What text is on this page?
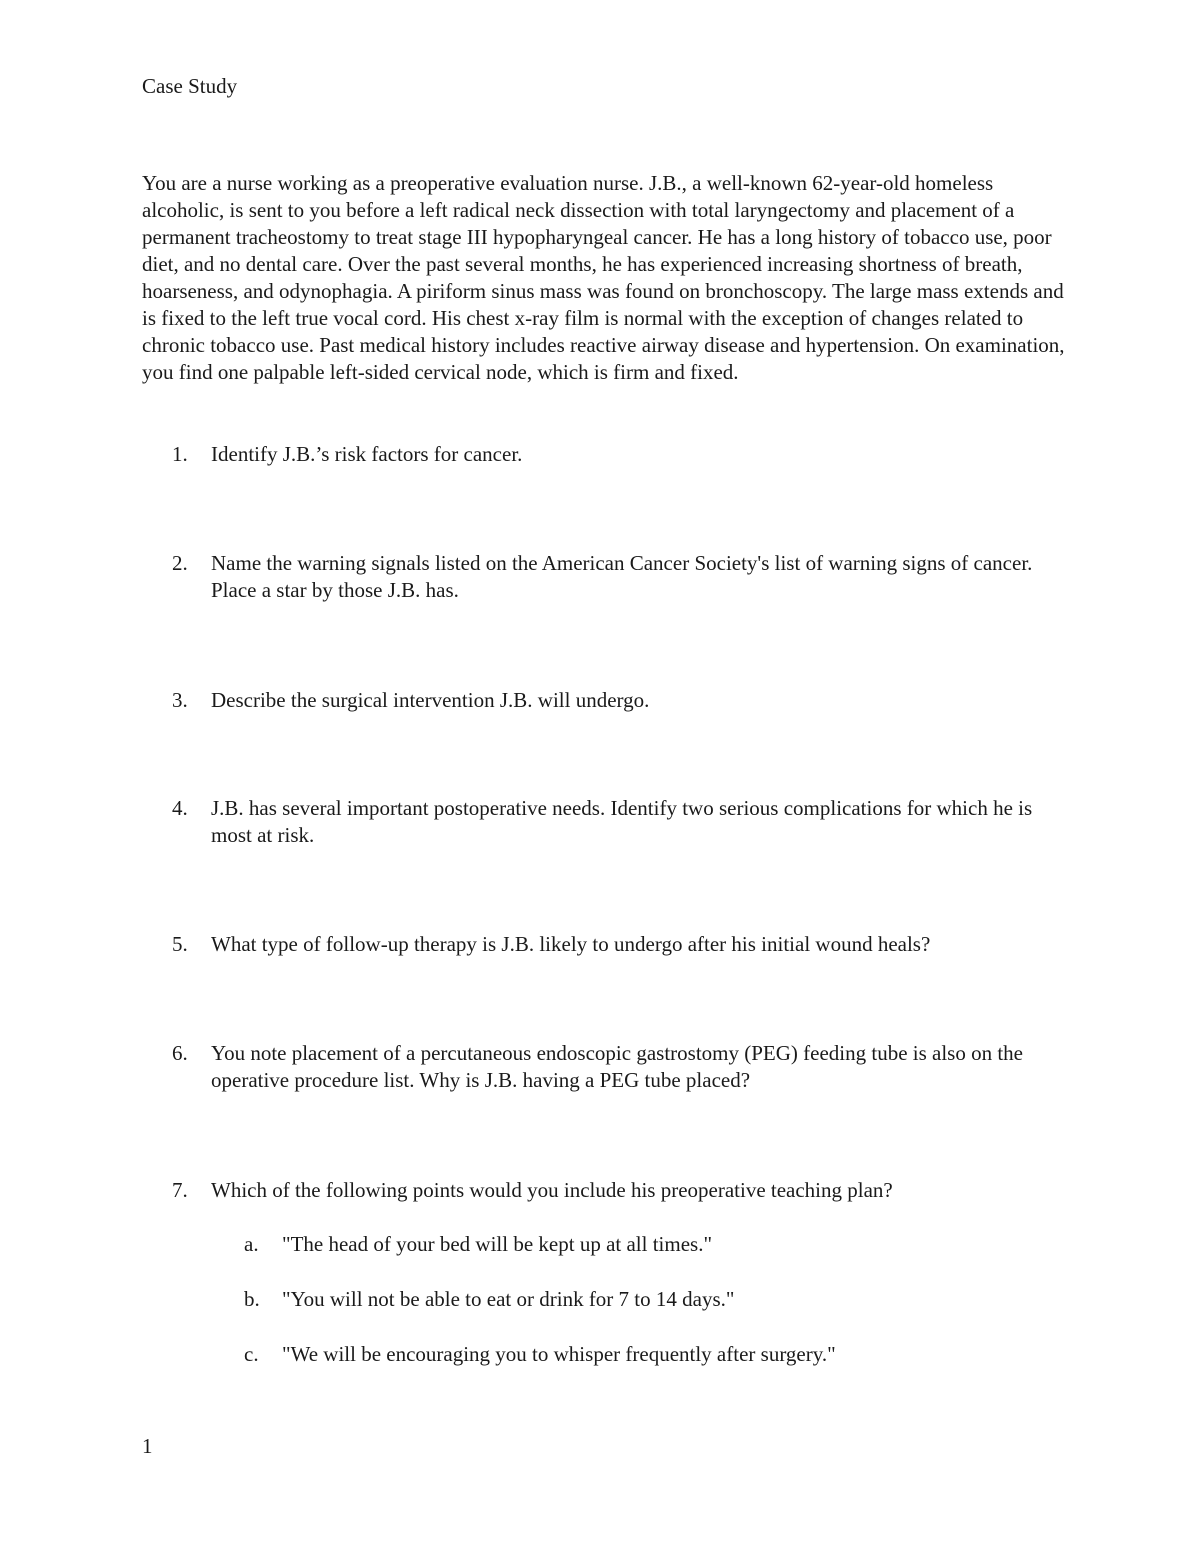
Case Study

You are a nurse working as a preoperative evaluation nurse. J.B., a well-known 62-year-old homeless alcoholic, is sent to you before a left radical neck dissection with total laryngectomy and placement of a permanent tracheostomy to treat stage III hypopharyngeal cancer. He has a long history of tobacco use, poor diet, and no dental care. Over the past several months, he has experienced increasing shortness of breath, hoarseness, and odynophagia. A piriform sinus mass was found on bronchoscopy. The large mass extends and is fixed to the left true vocal cord. His chest x-ray film is normal with the exception of changes related to chronic tobacco use. Past medical history includes reactive airway disease and hypertension. On examination, you find one palpable left-sided cervical node, which is firm and fixed.

1.	Identify J.B.’s risk factors for cancer.
2.	Name the warning signals listed on the American Cancer Society's list of warning signs of cancer. Place a star by those J.B. has.
3.	Describe the surgical intervention J.B. will undergo.
4.	J.B. has several important postoperative needs. Identify two serious complications for which he is most at risk.
5.	What type of follow-up therapy is J.B. likely to undergo after his initial wound heals?
6.	You note placement of a percutaneous endoscopic gastrostomy (PEG) feeding tube is also on the operative procedure list. Why is J.B. having a PEG tube placed?
7.	Which of the following points would you include his preoperative teaching plan?
a.	"The head of your bed will be kept up at all times."
b.	"You will not be able to eat or drink for 7 to 14 days."
c.	"We will be encouraging you to whisper frequently after surgery."
1
